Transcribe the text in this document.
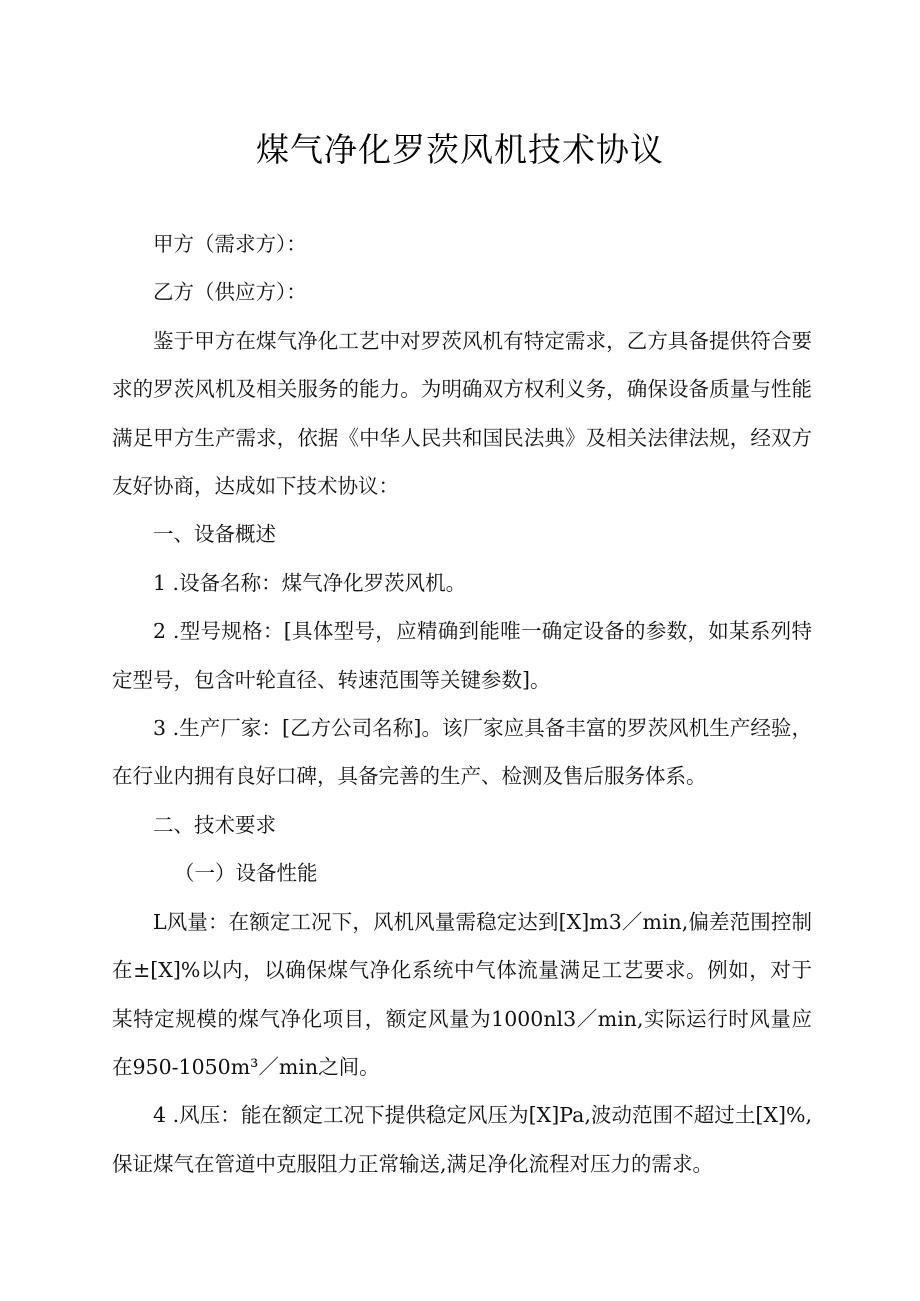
煤气净化罗茨风机技术协议

甲方（需求方）：

乙方（供应方）：

鉴于甲方在煤气净化工艺中对罗茨风机有特定需求，乙方具备提供符合要求的罗茨风机及相关服务的能力。为明确双方权利义务，确保设备质量与性能满足甲方生产需求，依据《中华人民共和国民法典》及相关法律法规，经双方友好协商，达成如下技术协议：

一、设备概述

1 .设备名称：煤气净化罗茨风机。

2 .型号规格：[具体型号，应精确到能唯一确定设备的参数，如某系列特定型号，包含叶轮直径、转速范围等关键参数]。

3 .生产厂家：[乙方公司名称]。该厂家应具备丰富的罗茨风机生产经验，在行业内拥有良好口碑，具备完善的生产、检测及售后服务体系。

二、技术要求

（一）设备性能

L风量：在额定工况下，风机风量需稳定达到[X]m3／min,偏差范围控制在±[X]%以内，以确保煤气净化系统中气体流量满足工艺要求。例如，对于某特定规模的煤气净化项目，额定风量为1000nl3／min,实际运行时风量应在950-1050m³／min之间。

4 .风压：能在额定工况下提供稳定风压为[X]Pa,波动范围不超过土[X]%,保证煤气在管道中克服阻力正常输送,满足净化流程对压力的需求。
